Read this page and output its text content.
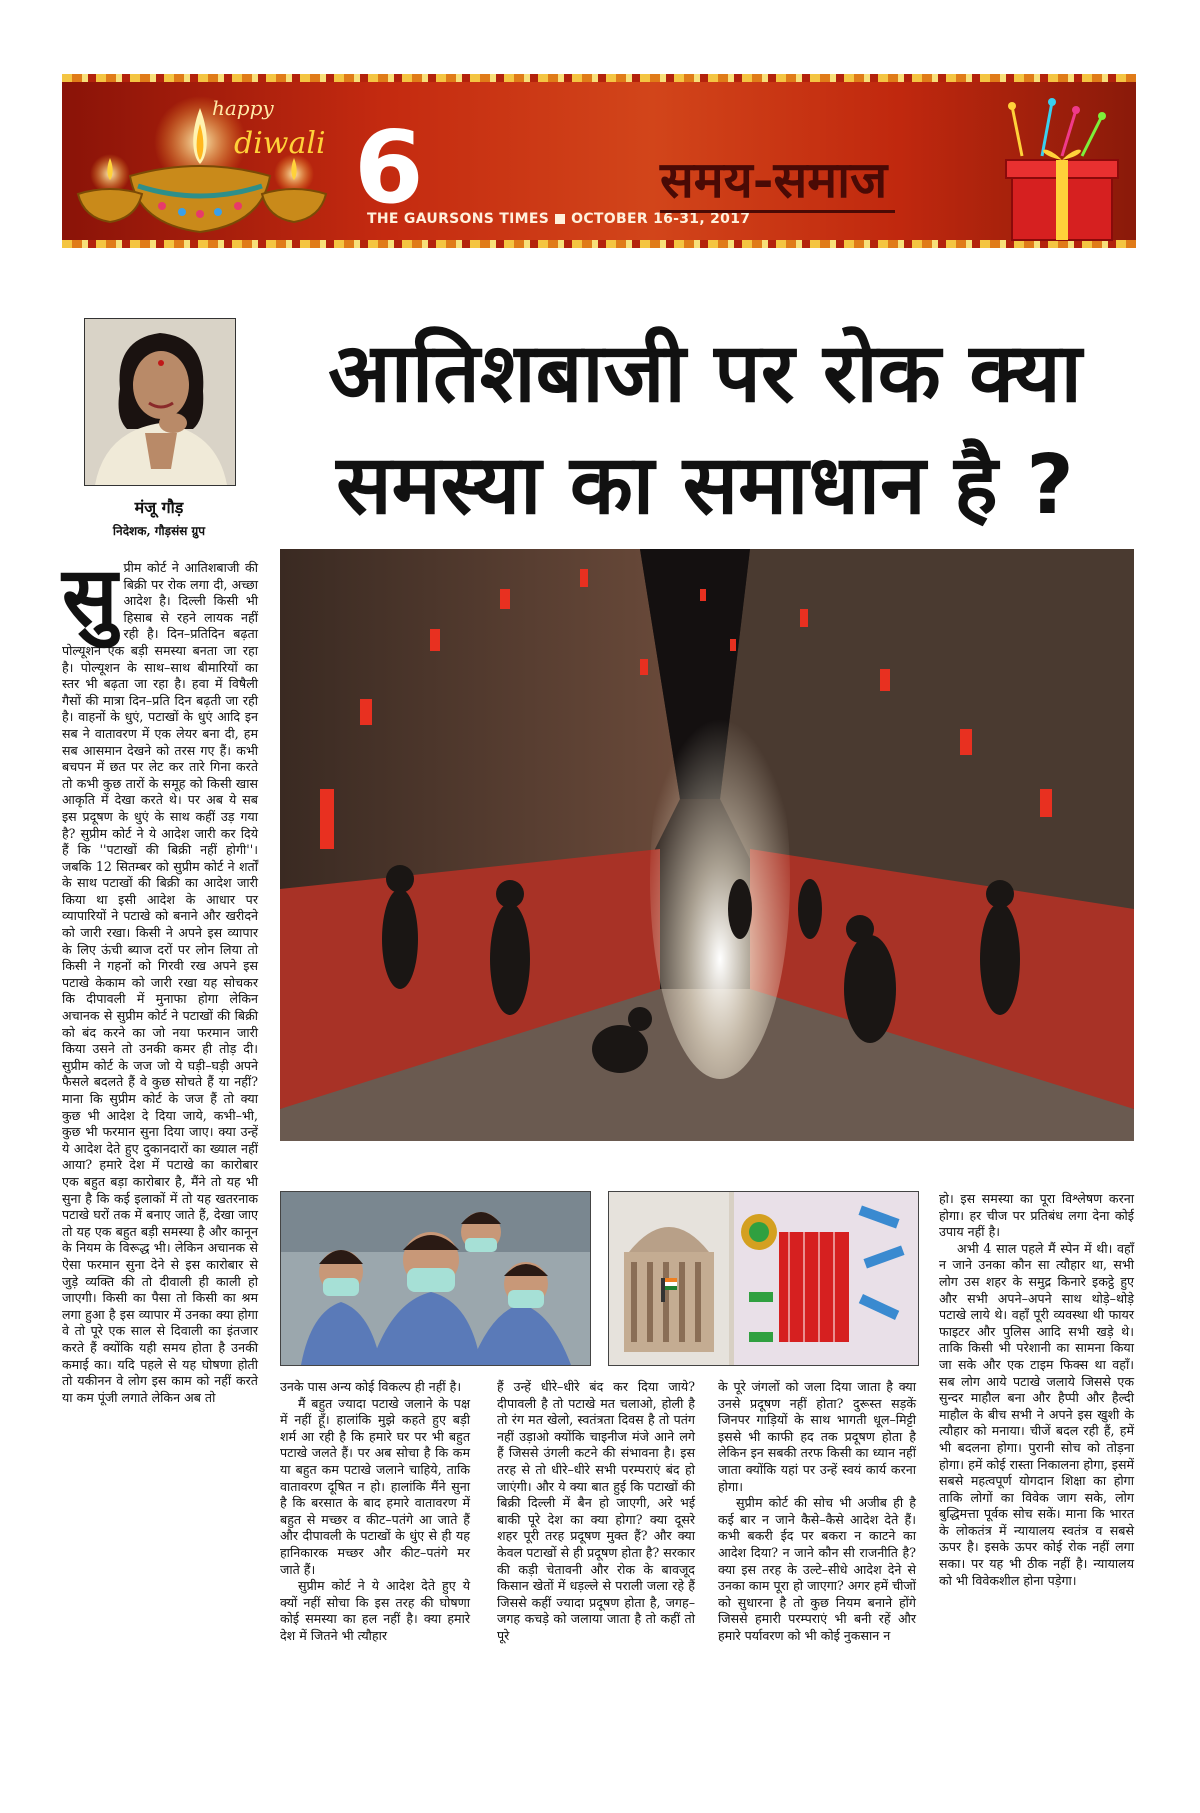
happy
diwali 6
THE GAURSONS TIMES OCTOBER 16-31, 2017
समय-समाज
मंजू गौड़
निदेशक, गौड़संस ग्रुप
आतिशबाजी पर रोक क्या
समस्या का समाधान है ?
सुप्रीम कोर्ट ने आतिशबाजी की बिक्री पर रोक लगा दी, अच्छा आदेश है। दिल्ली किसी भी हिसाब से रहने लायक नहीं रही है। दिन–प्रतिदिन बढ़ता पोल्यूशन एक बड़ी समस्या बनता जा रहा है। पोल्यूशन के साथ–साथ बीमारियों का स्तर भी बढ़ता जा रहा है। हवा में विषैली गैसों की मात्रा दिन–प्रति दिन बढ़ती जा रही है। वाहनों के धुएं, पटाखों के धुएं आदि इन सब ने वातावरण में एक लेयर बना दी, हम सब आसमान देखने को तरस गए हैं। कभी बचपन में छत पर लेट कर तारे गिना करते तो कभी कुछ तारों के समूह को किसी खास आकृति में देखा करते थे। पर अब ये सब इस प्रदूषण के धुएं के साथ कहीं उड़ गया है? सुप्रीम कोर्ट ने ये आदेश जारी कर दिये हैं कि ''पटाखों की बिक्री नहीं होगी''। जबकि 12 सितम्बर को सुप्रीम कोर्ट ने शर्तों के साथ पटाखों की बिक्री का आदेश जारी किया था इसी आदेश के आधार पर व्यापारियों ने पटाखे को बनाने और खरीदने को जारी रखा। किसी ने अपने इस व्यापार के लिए ऊंची ब्याज दरों पर लोन लिया तो किसी ने गहनों को गिरवी रख अपने इस पटाखे केकाम को जारी रखा यह सोचकर कि दीपावली में मुनाफा होगा लेकिन अचानक से सुप्रीम कोर्ट ने पटाखों की बिक्री को बंद करने का जो नया फरमान जारी किया उसने तो उनकी कमर ही तोड़ दी। सुप्रीम कोर्ट के जज जो ये घड़ी–घड़ी अपने फैसले बदलते हैं वे कुछ सोचते हैं या नहीं? माना कि सुप्रीम कोर्ट के जज हैं तो क्या कुछ भी आदेश दे दिया जाये, कभी–भी, कुछ भी फरमान सुना दिया जाए। क्या उन्हें ये आदेश देते हुए दुकानदारों का ख्याल नहीं आया? हमारे देश में पटाखे का कारोबार एक बहुत बड़ा कारोबार है, मैंने तो यह भी सुना है कि कई इलाकों में तो यह खतरनाक पटाखे घरों तक में बनाए जाते हैं, देखा जाए तो यह एक बहुत बड़ी समस्या है और कानून के नियम के विरूद्ध भी। लेकिन अचानक से ऐसा फरमान सुना देने से इस कारोबार से जुड़े व्यक्ति की तो दीवाली ही काली हो जाएगी। किसी का पैसा तो किसी का श्रम लगा हुआ है इस व्यापार में उनका क्या होगा वे तो पूरे एक साल से दिवाली का इंतजार करते हैं क्योंकि यही समय होता है उनकी कमाई का। यदि पहले से यह घोषणा होती तो यकीनन वे लोग इस काम को नहीं करते या कम पूंजी लगाते लेकिन अब तो

उनके पास अन्य कोई विकल्प ही नहीं है।

मैं बहुत ज्यादा पटाखे जलाने के पक्ष में नहीं हूँ। हालांकि मुझे कहते हुए बड़ी शर्म आ रही है कि हमारे घर पर भी बहुत पटाखे जलते हैं। पर अब सोचा है कि कम या बहुत कम पटाखे जलाने चाहिये, ताकि वातावरण दूषित न हो। हालांकि मैंने सुना है कि बरसात के बाद हमारे वातावरण में बहुत से मच्छर व कीट–पतंगे आ जाते हैं और दीपावली के पटाखों के धुंए से ही यह हानिकारक मच्छर और कीट–पतंगे मर जाते हैं।

सुप्रीम कोर्ट ने ये आदेश देते हुए ये क्यों नहीं सोचा कि इस तरह की घोषणा कोई समस्या का हल नहीं है। क्या हमारे देश में जितने भी त्यौहार

हैं उन्हें धीरे–धीरे बंद कर दिया जाये? दीपावली है तो पटाखे मत चलाओ, होली है तो रंग मत खेलो, स्वतंत्रता दिवस है तो पतंग नहीं उड़ाओ क्योंकि चाइनीज मंजे आने लगे हैं जिससे उंगली कटने की संभावना है। इस तरह से तो धीरे–धीरे सभी परम्पराएं बंद हो जाएंगी। और ये क्या बात हुई कि पटाखों की बिक्री दिल्ली में बैन हो जाएगी, अरे भई बाकी पूरे देश का क्या होगा? क्या दूसरे शहर पूरी तरह प्रदूषण मुक्त हैं? और क्या केवल पटाखों से ही प्रदूषण होता है? सरकार की कड़ी चेतावनी और रोक के बावजूद किसान खेतों में धड़ल्ले से पराली जला रहे हैं जिससे कहीं ज्यादा प्रदूषण होता है, जगह–जगह कचड़े को जलाया जाता है तो कहीं तो पूरे

के पूरे जंगलों को जला दिया जाता है क्या उनसे प्रदूषण नहीं होता? दुरूस्त सड़कें जिनपर गाड़ियों के साथ भागती धूल–मिट्टी इससे भी काफी हद तक प्रदूषण होता है लेकिन इन सबकी तरफ किसी का ध्यान नहीं जाता क्योंकि यहां पर उन्हें स्वयं कार्य करना होगा।

सुप्रीम कोर्ट की सोच भी अजीब ही है कई बार न जाने कैसे–कैसे आदेश देते हैं। कभी बकरी ईद पर बकरा न काटने का आदेश दिया? न जाने कौन सी राजनीति है? क्या इस तरह के उल्टे–सीधे आदेश देने से उनका काम पूरा हो जाएगा? अगर हमें चीजों को सुधारना है तो कुछ नियम बनाने होंगे जिससे हमारी परम्पराएं भी बनी रहें और हमारे पर्यावरण को भी कोई नुकसान न

हो। इस समस्या का पूरा विश्लेषण करना होगा। हर चीज पर प्रतिबंध लगा देना कोई उपाय नहीं है।

अभी 4 साल पहले मैं स्पेन में थी। वहाँ न जाने उनका कौन सा त्यौहार था, सभी लोग उस शहर के समुद्र किनारे इकट्ठे हुए और सभी अपने–अपने साथ थोड़े–थोड़े पटाखे लाये थे। वहाँ पूरी व्यवस्था थी फायर फाइटर और पुलिस आदि सभी खड़े थे। ताकि किसी भी परेशानी का सामना किया जा सके और एक टाइम फिक्स था वहाँ। सब लोग आये पटाखे जलाये जिससे एक सुन्दर माहौल बना और हैप्पी और हैल्दी माहौल के बीच सभी ने अपने इस खुशी के त्यौहार को मनाया। चीजें बदल रही हैं, हमें भी बदलना होगा। पुरानी सोच को तोड़ना होगा। हमें कोई रास्ता निकालना होगा, इसमें सबसे महत्वपूर्ण योगदान शिक्षा का होगा ताकि लोगों का विवेक जाग सके, लोग बुद्धिमत्ता पूर्वक सोच सकें। माना कि भारत के लोकतंत्र में न्यायालय स्वतंत्र व सबसे ऊपर है। इसके ऊपर कोई रोक नहीं लगा सका। पर यह भी ठीक नहीं है। न्यायालय को भी विवेकशील होना पड़ेगा।
